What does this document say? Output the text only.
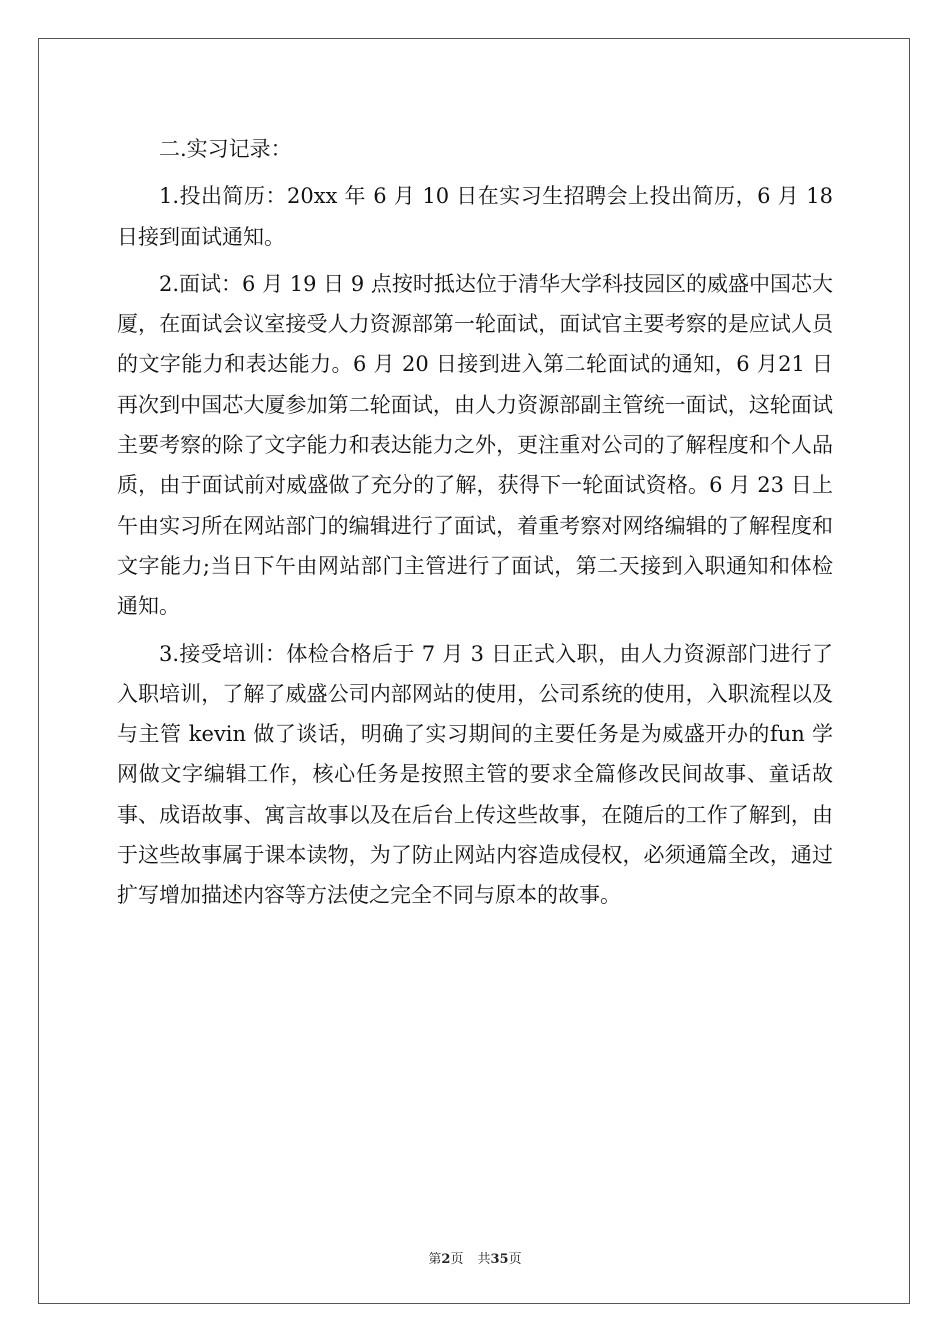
二.实习记录：

1.投出简历：20xx 年 6 月 10 日在实习生招聘会上投出简历，6 月 18 日接到面试通知。

2.面试：6 月 19 日 9 点按时抵达位于清华大学科技园区的威盛中国芯大厦，在面试会议室接受人力资源部第一轮面试，面试官主要考察的是应试人员的文字能力和表达能力。6 月 20 日接到进入第二轮面试的通知，6 月21 日再次到中国芯大厦参加第二轮面试，由人力资源部副主管统一面试，这轮面试主要考察的除了文字能力和表达能力之外，更注重对公司的了解程度和个人品质，由于面试前对威盛做了充分的了解，获得下一轮面试资格。6 月 23 日上午由实习所在网站部门的编辑进行了面试，着重考察对网络编辑的了解程度和文字能力;当日下午由网站部门主管进行了面试，第二天接到入职通知和体检通知。

3.接受培训：体检合格后于 7 月 3 日正式入职，由人力资源部门进行了入职培训，了解了威盛公司内部网站的使用，公司系统的使用，入职流程以及与主管 kevin 做了谈话，明确了实习期间的主要任务是为威盛开办的fun 学网做文字编辑工作，核心任务是按照主管的要求全篇修改民间故事、童话故事、成语故事、寓言故事以及在后台上传这些故事，在随后的工作了解到，由于这些故事属于课本读物，为了防止网站内容造成侵权，必须通篇全改，通过扩写增加描述内容等方法使之完全不同与原本的故事。

第2页 共35页
